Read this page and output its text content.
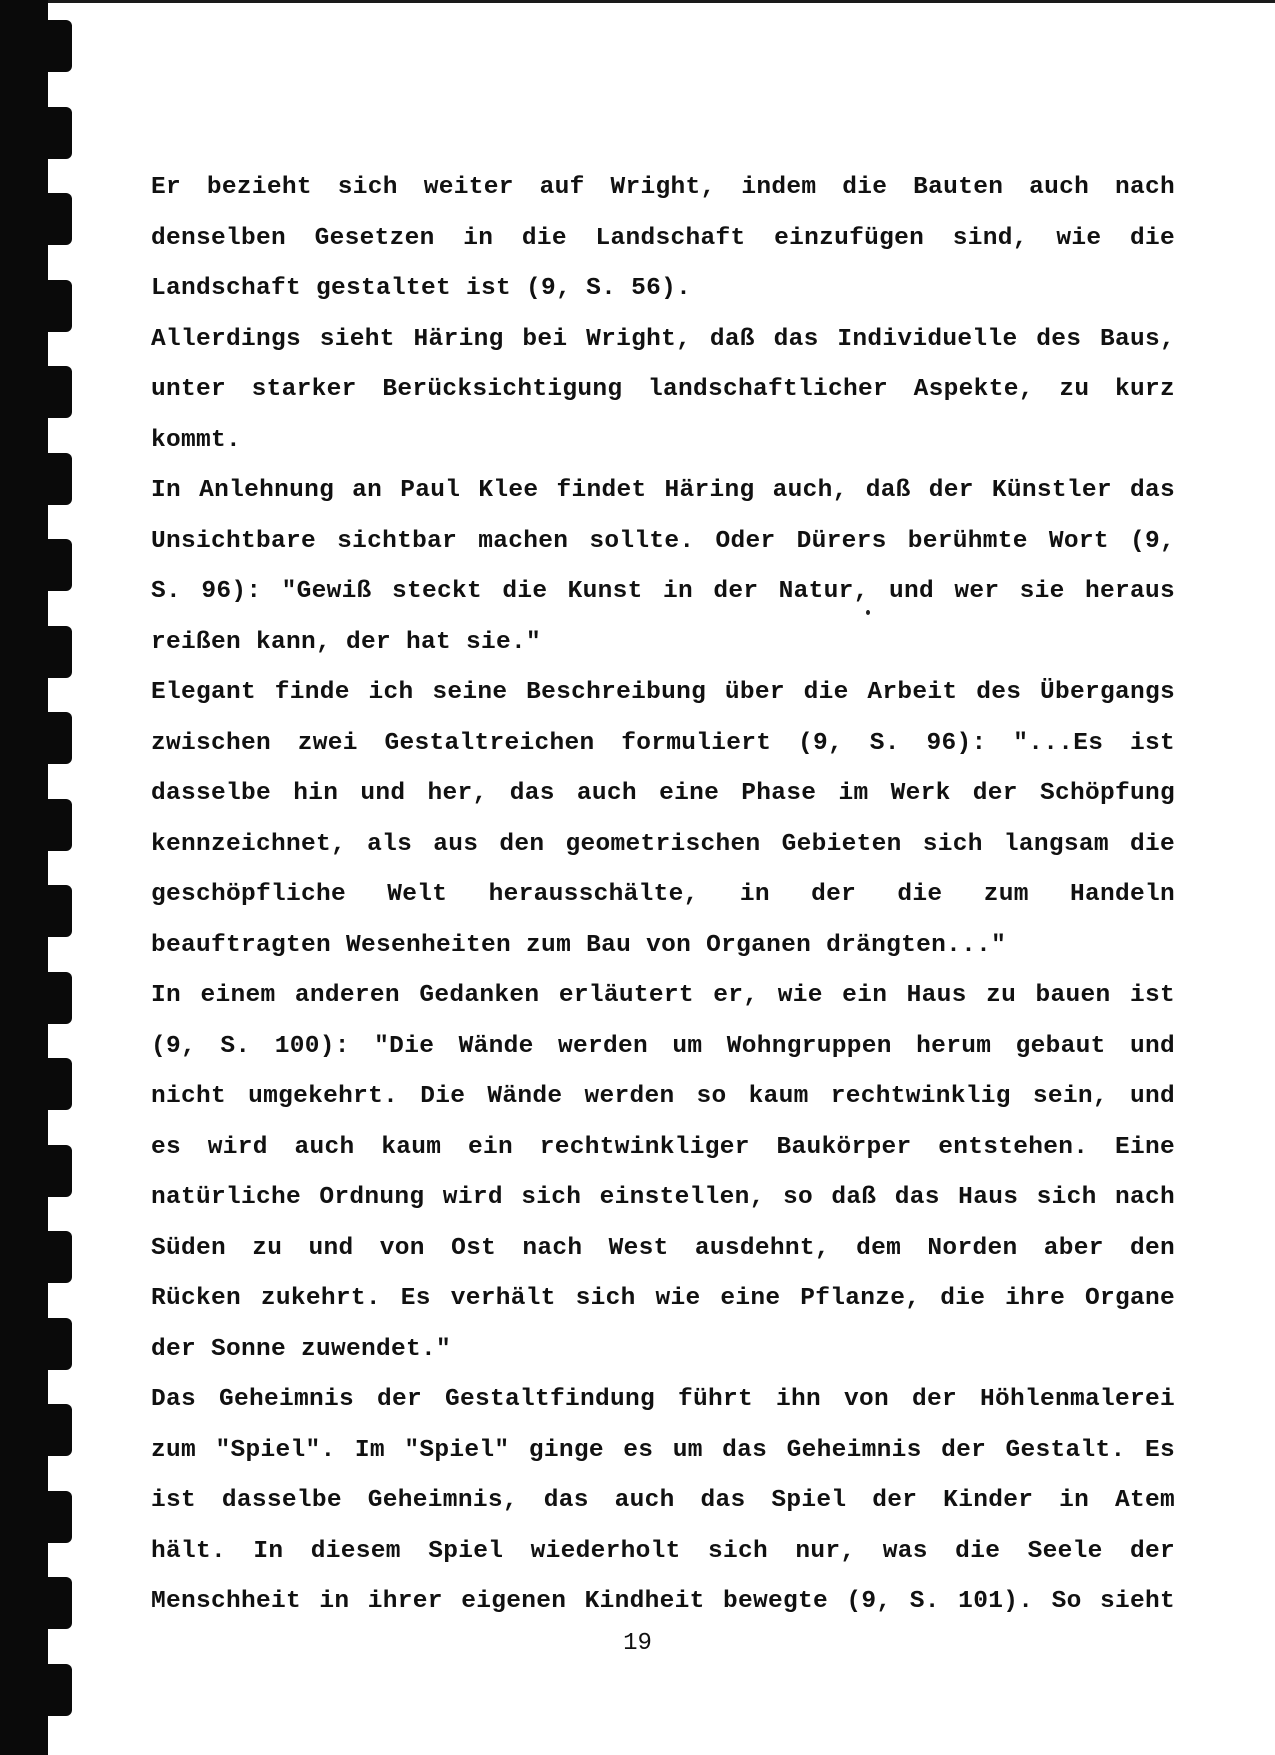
Er bezieht sich weiter auf Wright, indem die Bauten auch nach
denselben Gesetzen in die Landschaft einzufügen sind, wie die
Landschaft gestaltet ist (9, S. 56).
Allerdings sieht Häring bei Wright, daß das Individuelle des Baus,
unter starker Berücksichtigung landschaftlicher Aspekte, zu kurz
kommt.
In Anlehnung an Paul Klee findet Häring auch, daß der Künstler das
Unsichtbare sichtbar machen sollte. Oder Dürers berühmte Wort (9,
S. 96): "Gewiß steckt die Kunst in der Natur, und wer sie heraus
reißen kann, der hat sie."
Elegant finde ich seine Beschreibung über die Arbeit des Übergangs
zwischen zwei Gestaltreichen formuliert (9, S. 96): "...Es ist
dasselbe hin und her, das auch eine Phase im Werk der Schöpfung
kennzeichnet, als aus den geometrischen Gebieten sich langsam die
geschöpfliche Welt herausschälte, in der die zum Handeln
beauftragten Wesenheiten zum Bau von Organen drängten..."
In einem anderen Gedanken erläutert er, wie ein Haus zu bauen ist
(9, S. 100): "Die Wände werden um Wohngruppen herum gebaut und
nicht umgekehrt. Die Wände werden so kaum rechtwinklig sein, und
es wird auch kaum ein rechtwinkliger Baukörper entstehen. Eine
natürliche Ordnung wird sich einstellen, so daß das Haus sich nach
Süden zu und von Ost nach West ausdehnt, dem Norden aber den
Rücken zukehrt. Es verhält sich wie eine Pflanze, die ihre Organe
der Sonne zuwendet."
Das Geheimnis der Gestaltfindung führt ihn von der Höhlenmalerei
zum "Spiel". Im "Spiel" ginge es um das Geheimnis der Gestalt. Es
ist dasselbe Geheimnis, das auch das Spiel der Kinder in Atem
hält. In diesem Spiel wiederholt sich nur, was die Seele der
Menschheit in ihrer eigenen Kindheit bewegte (9, S. 101). So sieht
19
